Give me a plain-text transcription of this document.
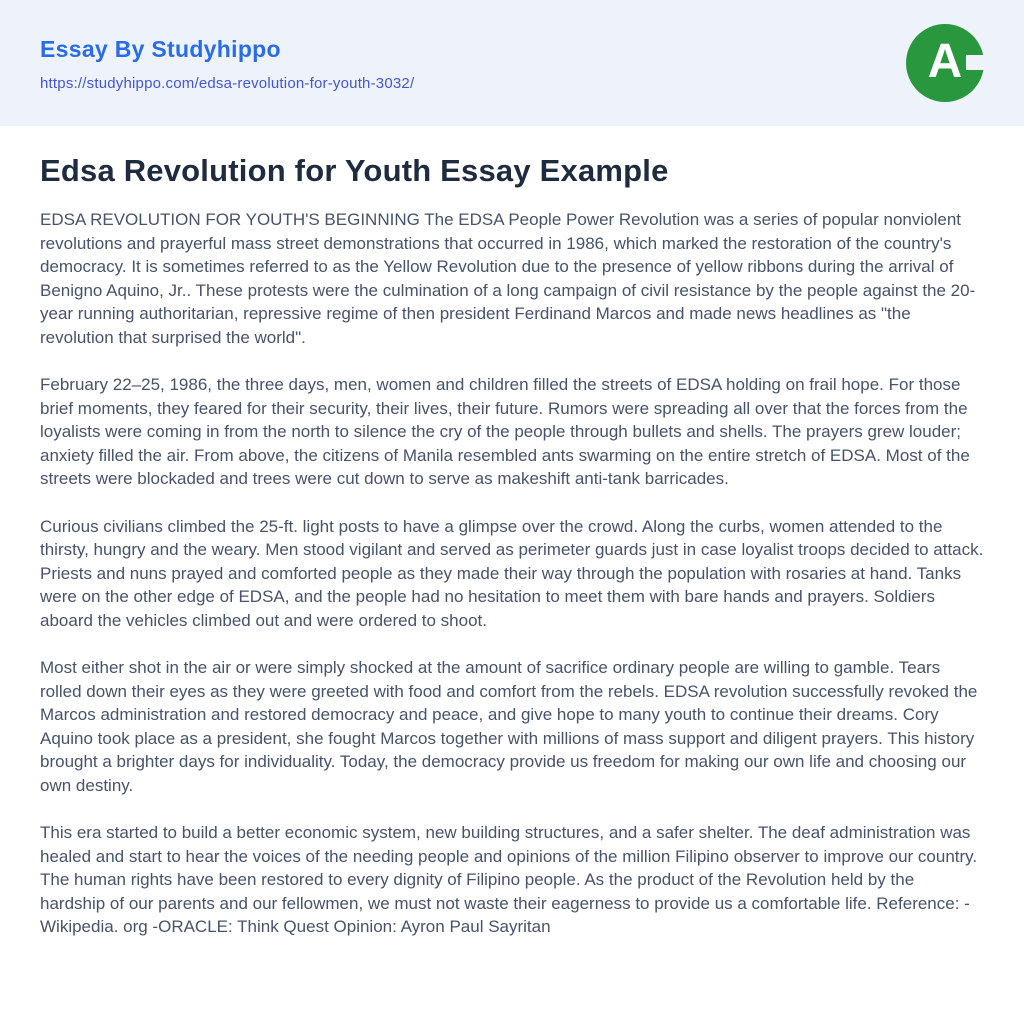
Essay By Studyhippo
https://studyhippo.com/edsa-revolution-for-youth-3032/	A
Edsa Revolution for Youth Essay Example

EDSA REVOLUTION FOR YOUTH'S BEGINNING The EDSA People Power Revolution was a series of popular nonviolent revolutions and prayerful mass street demonstrations that occurred in 1986, which marked the restoration of the country's democracy. It is sometimes referred to as the Yellow Revolution due to the presence of yellow ribbons during the arrival of Benigno Aquino, Jr.. These protests were the culmination of a long campaign of civil resistance by the people against the 20-year running authoritarian, repressive regime of then president Ferdinand Marcos and made news headlines as "the revolution that surprised the world".

February 22–25, 1986, the three days, men, women and children filled the streets of EDSA holding on frail hope. For those brief moments, they feared for their security, their lives, their future. Rumors were spreading all over that the forces from the loyalists were coming in from the north to silence the cry of the people through bullets and shells. The prayers grew louder; anxiety filled the air. From above, the citizens of Manila resembled ants swarming on the entire stretch of EDSA. Most of the streets were blockaded and trees were cut down to serve as makeshift anti-tank barricades.

Curious civilians climbed the 25-ft. light posts to have a glimpse over the crowd. Along the curbs, women attended to the thirsty, hungry and the weary. Men stood vigilant and served as perimeter guards just in case loyalist troops decided to attack. Priests and nuns prayed and comforted people as they made their way through the population with rosaries at hand. Tanks were on the other edge of EDSA, and the people had no hesitation to meet them with bare hands and prayers. Soldiers aboard the vehicles climbed out and were ordered to shoot.

Most either shot in the air or were simply shocked at the amount of sacrifice ordinary people are willing to gamble. Tears rolled down their eyes as they were greeted with food and comfort from the rebels. EDSA revolution successfully revoked the Marcos administration and restored democracy and peace, and give hope to many youth to continue their dreams. Cory Aquino took place as a president, she fought Marcos together with millions of mass support and diligent prayers. This history brought a brighter days for individuality. Today, the democracy provide us freedom for making our own life and choosing our own destiny.

This era started to build a better economic system, new building structures, and a safer shelter. The deaf administration was healed and start to hear the voices of the needing people and opinions of the million Filipino observer to improve our country. The human rights have been restored to every dignity of Filipino people. As the product of the Revolution held by the hardship of our parents and our fellowmen, we must not waste their eagerness to provide us a comfortable life. Reference: -Wikipedia. org -ORACLE: Think Quest Opinion: Ayron Paul Sayritan
